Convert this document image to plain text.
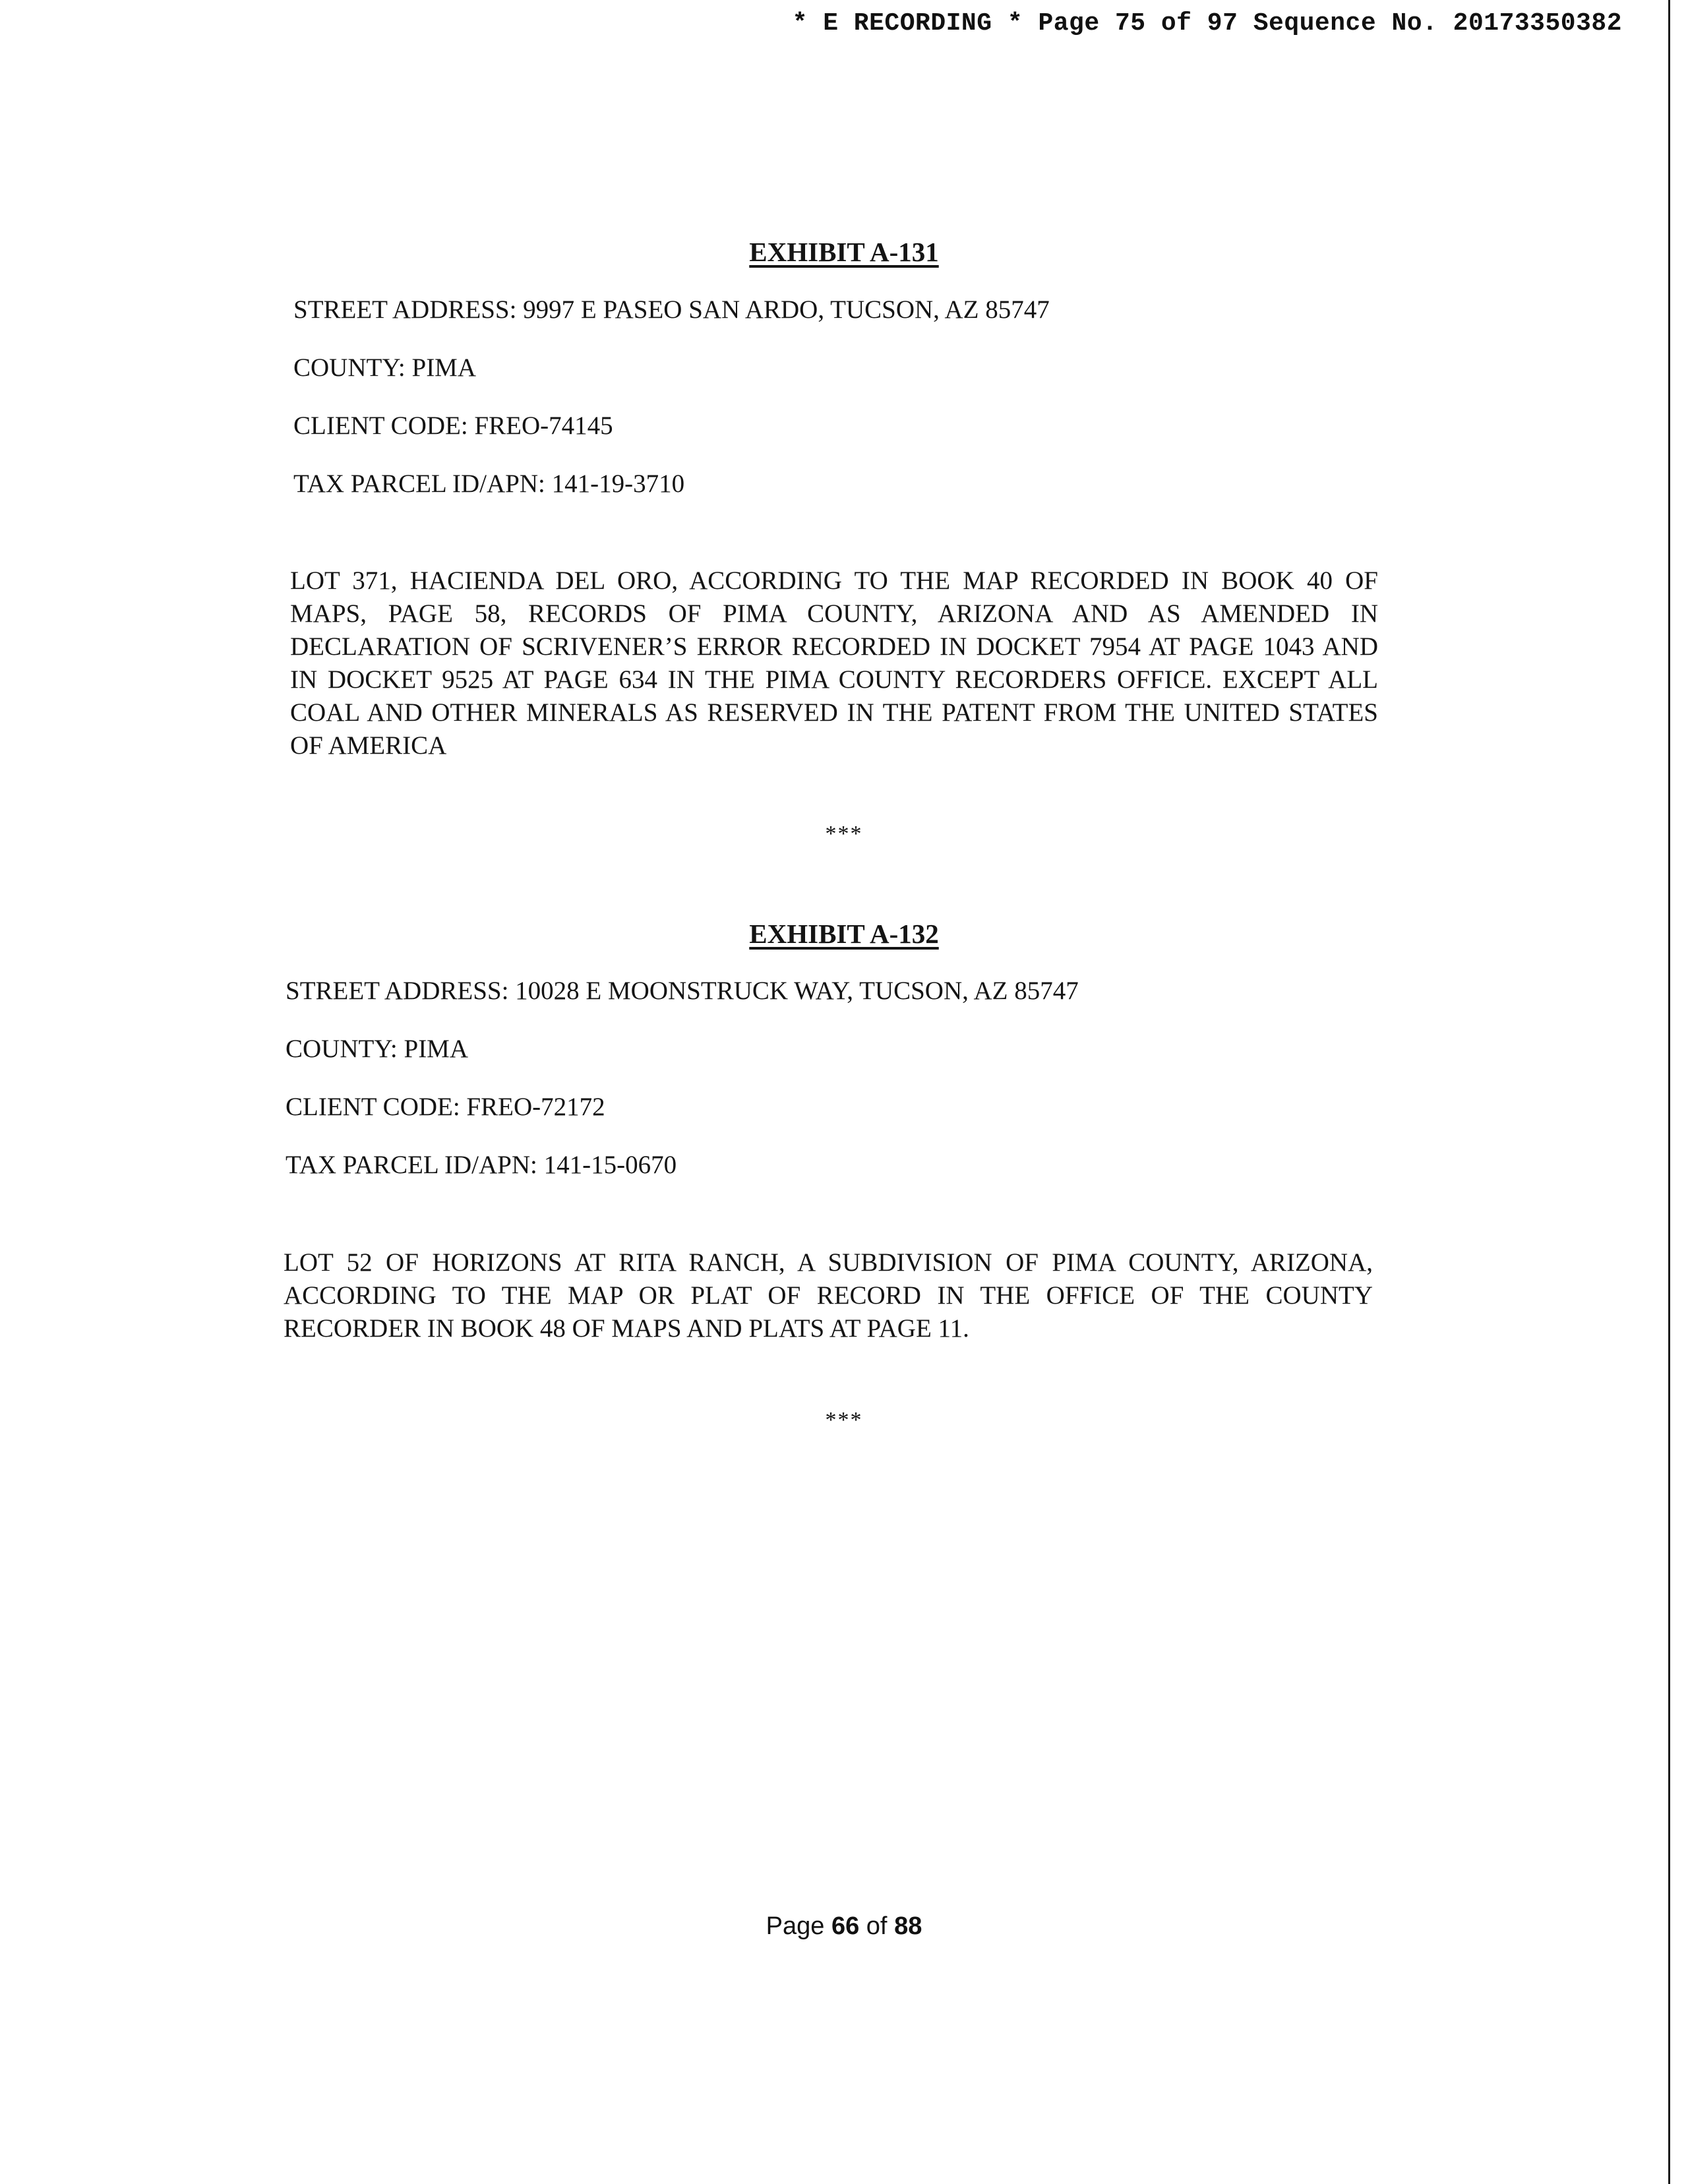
* E RECORDING * Page 75 of 97 Sequence No. 20173350382
EXHIBIT A-131
STREET ADDRESS: 9997 E PASEO SAN ARDO, TUCSON, AZ 85747
COUNTY: PIMA
CLIENT CODE: FREO-74145
TAX PARCEL ID/APN: 141-19-3710
LOT 371, HACIENDA DEL ORO, ACCORDING TO THE MAP RECORDED IN BOOK 40 OF MAPS, PAGE 58, RECORDS OF PIMA COUNTY, ARIZONA AND AS AMENDED IN DECLARATION OF SCRIVENER’S ERROR RECORDED IN DOCKET 7954 AT PAGE 1043 AND IN DOCKET 9525 AT PAGE 634 IN THE PIMA COUNTY RECORDERS OFFICE. EXCEPT ALL COAL AND OTHER MINERALS AS RESERVED IN THE PATENT FROM THE UNITED STATES OF AMERICA
***
EXHIBIT A-132
STREET ADDRESS: 10028 E MOONSTRUCK WAY, TUCSON, AZ 85747
COUNTY: PIMA
CLIENT CODE: FREO-72172
TAX PARCEL ID/APN: 141-15-0670
LOT 52 OF HORIZONS AT RITA RANCH, A SUBDIVISION OF PIMA COUNTY, ARIZONA, ACCORDING TO THE MAP OR PLAT OF RECORD IN THE OFFICE OF THE COUNTY RECORDER IN BOOK 48 OF MAPS AND PLATS AT PAGE 11.
***
Page 66 of 88
